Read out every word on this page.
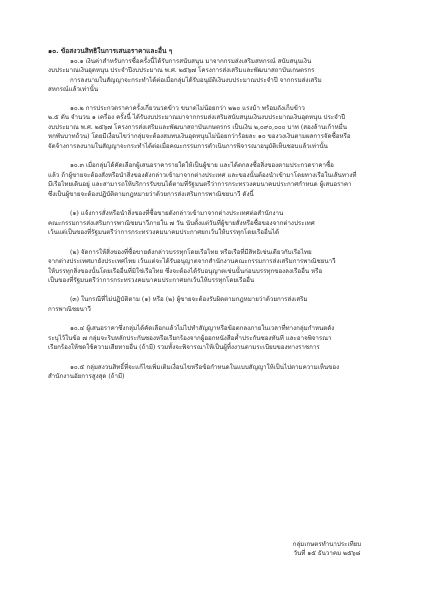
๑๐. ข้อสงวนสิทธิในการเสนอราคาและอื่น ๆ
๑๐.๑ เงินค่าสำหรับการซื้อครั้งนี้ได้รับการสนับสนุน มาจากกรมส่งเสริมสหกรณ์ สนับสนุนเงิน
งบประมาณเงินอุดหนุน ประจำปีงบประมาณ พ.ศ. ๒๕๖๗ โครงการส่งเสริมและพัฒนาสถาบันเกษตรกร
การลงนามในสัญญาจะกระทำได้ต่อเมื่อกลุ่มได้รับอนุมัติเงินงบประมาณประจำปี จากกรมส่งเสริม
สหกรณ์แล้วเท่านั้น
๑๐.๒ การประกวดราคาครั้งเกี่ยวนวดข้าว ขนาดไม่น้อยกว่า ๒๒๐ แรงม้า พร้อมถังเก็บข้าว
๒.๕ ตัน จำนวน ๑ เครื่อง ครั้งนี้ ได้รับงบประมาณมาจากกรมส่งเสริมสนับสนุนเงินงบประมาณเงินอุดหนุน ประจำปี
งบประมาณ พ.ศ. ๒๕๖๗ โครงการส่งเสริมและพัฒนาสถาบันเกษตรกร เป็นเงิน ๒,๐๙๐,๐๐๐ บาท (สองล้านเก้าหมื่น
หกพันบาทถ้วน) โดยมีเงื่อนไขว่ากลุ่มจะต้องสมทบเงินอุดหนุนไม่น้อยกว่าร้อยละ ๑๐ ของวงเงินตามผลการจัดซื้อหรือ
จัดจ้างการลงนามในสัญญาจะกระทำได้ต่อเมื่อคณะกรรมการดำเนินการพิจารณาอนุมัติเห็นชอบแล้วเท่านั้น
๑๐.๓ เมื่อกลุ่มได้คัดเลือกผู้เสนอราคารายใดให้เป็นผู้ขาย และได้ตกลงซื้อสิ่งของตามประกวดราคาซื้อ
แล้ว ถ้าผู้ขายจะต้องสั่งหรือนำสิ่งของดังกล่าวเข้ามาจากต่างประเทศ และของนั้นต้องนำเข้ามาโดยทางเรือในเส้นทางที่
มีเรือไทยเดินอยู่ และสามารถให้บริการรับขนได้ตามที่รัฐมนตรีว่าการกระทรวงคมนาคมประกาศกำหนด ผู้เสนอราคา
ซึ่งเป็นผู้ขายจะต้องปฏิบัติตามกฎหมายว่าด้วยการส่งเสริมการพาณิชยนาวี ดังนี้
(๑) แจ้งการสั่งหรือนำสิ่งของที่ซื้อขายดังกล่าวเข้ามาจากต่างประเทศต่อสำนักงาน
คณะกรรมการส่งเสริมการพาณิชยนาวีภายใน ๗ วัน นับตั้งแต่วันที่ผู้ขายสั่งหรือซื้อของจากต่างประเทศ
เว้นแต่เป็นของที่รัฐมนตรีว่าการกระทรวงคมนาคมประกาศยกเว้นให้บรรทุกโดยเรืออื่นได้
(๒) จัดการให้สิ่งของที่ซื้อขายดังกล่าวบรรทุกโดยเรือไทย หรือเรือที่มีสิทธิเช่นเดียวกับเรือไทย
จากต่างประเทศมายังประเทศไทย เว้นแต่จะได้รับอนุญาตจากสำนักงานคณะกรรมการส่งเสริมการพาณิชยนาวี
ให้บรรทุกสิ่งของนั้นโดยเรืออื่นที่มิใช่เรือไทย ซึ่งจะต้องได้รับอนุญาตเช่นนั้นก่อนบรรทุกของลงเรืออื่น หรือ
เป็นของที่รัฐมนตรีว่าการกระทรวงคมนาคมประกาศยกเว้นให้บรรทุกโดยเรืออื่น
(๓) ในกรณีที่ไม่ปฏิบัติตาม (๑) หรือ (๒) ผู้ขายจะต้องรับผิดตามกฎหมายว่าด้วยการส่งเสริม
การพาณิชยนาวี
๑๐.๔ ผู้เสนอราคาซึ่งกลุ่มได้คัดเลือกแล้วไม่ไปทำสัญญาหรือข้อตกลงภายในเวลาที่ทางกลุ่มกำหนดดัง
ระบุไว้ในข้อ ๗ กลุ่มจะริบหลักประกันซองหรือเรียกร้องจากผู้ออกหนังสือค้ำประกันซองทันที และอาจพิจารณา
เรียกร้องให้ชดใช้ความเสียหายอื่น (ถ้ามี) รวมทั้งจะพิจารณาให้เป็นผู้ทิ้งงานตามระเบียบของทางราชการ
๑๐.๕ กลุ่มสงวนสิทธิ์ที่จะแก้ไขเพิ่มเติมเงื่อนไขหรือข้อกำหนดในแบบสัญญาให้เป็นไปตามความเห็นของ
สำนักงานอัยการสูงสุด (ถ้ามี)
กลุ่มเกษตรทำนาประเทียบ
วันที่ ๑๕ ธันวาคม ๒๕๖๘
